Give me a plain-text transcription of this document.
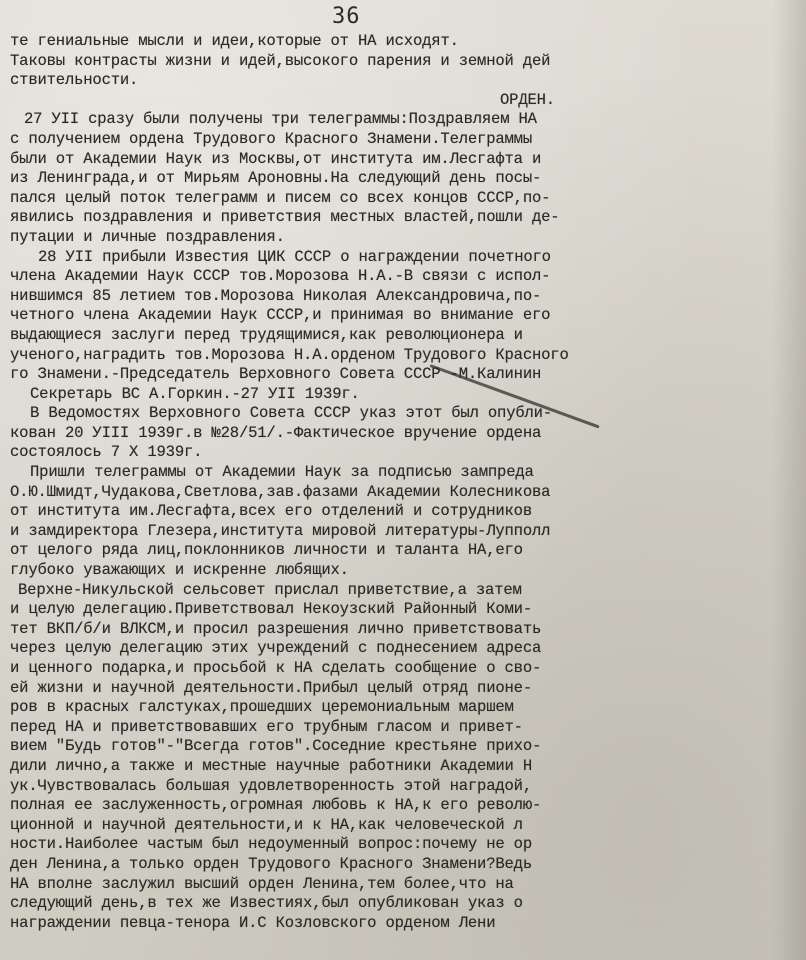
36
те гениальные мысли и идеи,которые от НА исходят.
Таковы контрасты жизни и идей,высокого парения и земной дей
ствительности.
ОРДЕН.
27 УII сразу были получены три телеграммы:Поздравляем НА
с получением ордена Трудового Красного Знамени.Телеграммы
были от Академии Наук из Москвы,от института им.Лесгафта и
из Ленинграда,и от Мирьям Ароновны.На следующий день посы-
пался целый поток телеграмм и писем со всех концов СССР,по-
явились поздравления и приветствия местных властей,пошли де-
путации и личные поздравления.
28 УII прибыли Известия ЦИК СССР о награждении почетного
члена Академии Наук СССР тов.Морозова Н.А.-В связи с испол-
нившимся 85 летием тов.Морозова Николая Александровича,по-
четного члена Академии Наук СССР,и принимая во внимание его
выдающиеся заслуги перед трудящимися,как революционера и
ученого,наградить тов.Морозова Н.А.орденом Трудового Красного
го Знамени.-Председатель Верховного Совета СССР -М.Калинин
Секретарь ВС А.Горкин.-27 УII 1939г.
В Ведомостях Верховного Совета СССР указ этот был опубли-
кован 20 УIII 1939г.в №28/51/.-Фактическое вручение ордена
состоялось 7 Х 1939г.
Пришли телеграммы от Академии Наук за подписью зампреда
О.Ю.Шмидт,Чудакова,Светлова,зав.фазами Академии Колесникова
от института им.Лесгафта,всех его отделений и сотрудников
и замдиректора Глезера,института мировой литературы-Лупполл
от целого ряда лиц,поклонников личности и таланта НА,его
глубоко уважающих и искренне любящих.
Верхне-Никульской сельсовет прислал приветствие,а затем
и целую делегацию.Приветствовал Некоузский Районный Коми-
тет ВКП/б/и ВЛКСМ,и просил разрешения лично приветствовать
через целую делегацию этих учреждений с поднесением адреса
и ценного подарка,и просьбой к НА сделать сообщение о сво-
ей жизни и научной деятельности.Прибыл целый отряд пионе-
ров в красных галстуках,прошедших церемониальным маршем
перед НА и приветствовавших его трубным гласом и привет-
вием "Будь готов"-"Всегда готов".Соседние крестьяне прихо-
дили лично,а также и местные научные работники Академии Н
ук.Чувствовалась большая удовлетворенность этой наградой,
полная ее заслуженность,огромная любовь к НА,к его револю-
ционной и научной деятельности,и к НА,как человеческой л
ности.Наиболее частым был недоуменный вопрос:почему не ор
ден Ленина,а только орден Трудового Красного Знамени?Ведь
НА вполне заслужил высший орден Ленина,тем более,что на
следующий день,в тех же Известиях,был опубликован указ о
награждении певца-тенора И.С Козловского орденом Лени
